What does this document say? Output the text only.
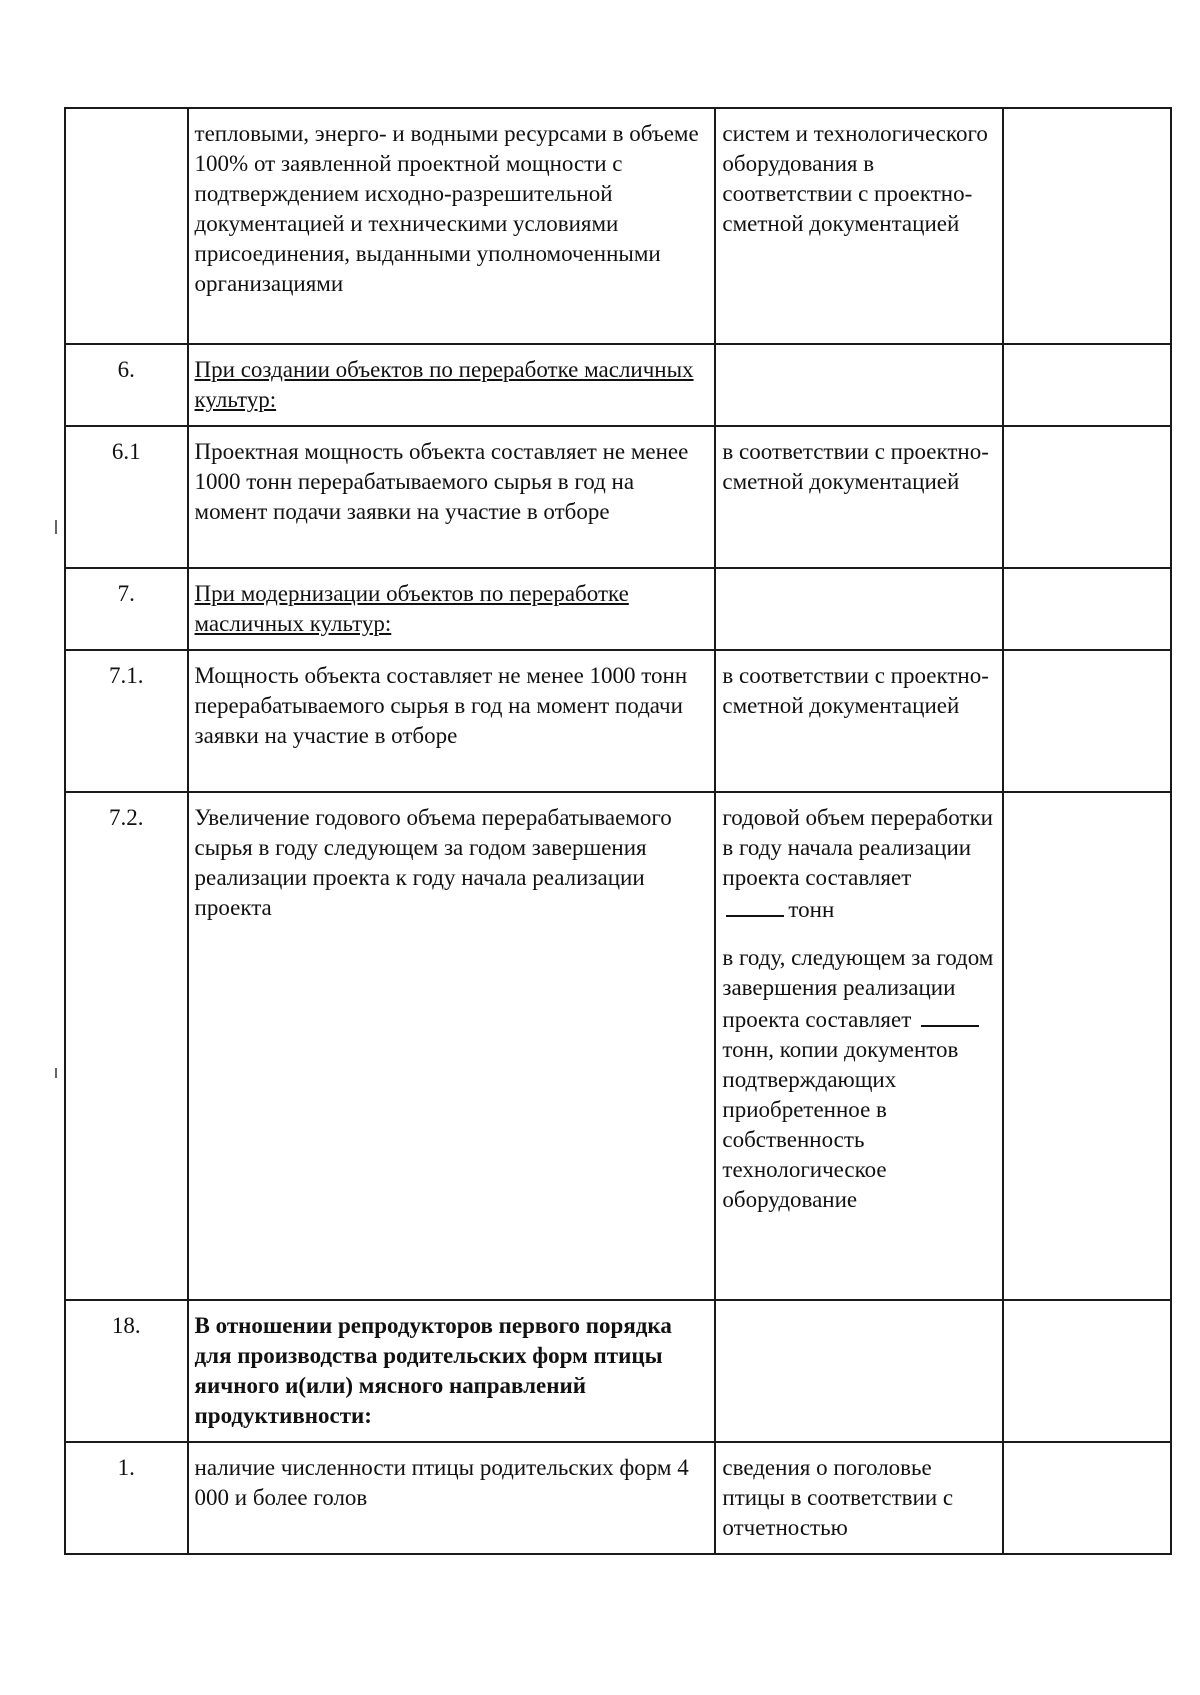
	тепловыми, энерго- и водными ресурсами в объеме 100% от заявленной проектной мощности с подтверждением исходно-разрешительной документацией и техническими условиями присоединения, выданными уполномоченными организациями	систем и технологического оборудования в соответствии с проектно-сметной документацией	
6.	При создании объектов по переработке масличных культур:		
6.1	Проектная мощность объекта составляет не менее 1000 тонн перерабатываемого сырья в год на момент подачи заявки на участие в отборе	в соответствии с проектно-сметной документацией	
7.	При модернизации объектов по переработке масличных культур:		
7.1.	Мощность объекта составляет не менее 1000 тонн перерабатываемого сырья в год на момент подачи заявки на участие в отборе	в соответствии с проектно-сметной документацией	
7.2.	Увеличение годового объема перерабатываемого сырья в году следующем за годом завершения реализации проекта к году начала реализации проекта	годовой объем переработки в году начала реализации проекта составляет
тонн

в году, следующем за годом завершения реализации проекта составляет тонн, копии документов подтверждающих приобретенное в собственность технологическое оборудование	

18.	В отношении репродукторов первого порядка для производства родительских форм птицы яичного и(или) мясного направлений продуктивности:		
1.	наличие численности птицы родительских форм 4 000 и более голов	сведения о поголовье птицы в соответствии с отчетностью	
